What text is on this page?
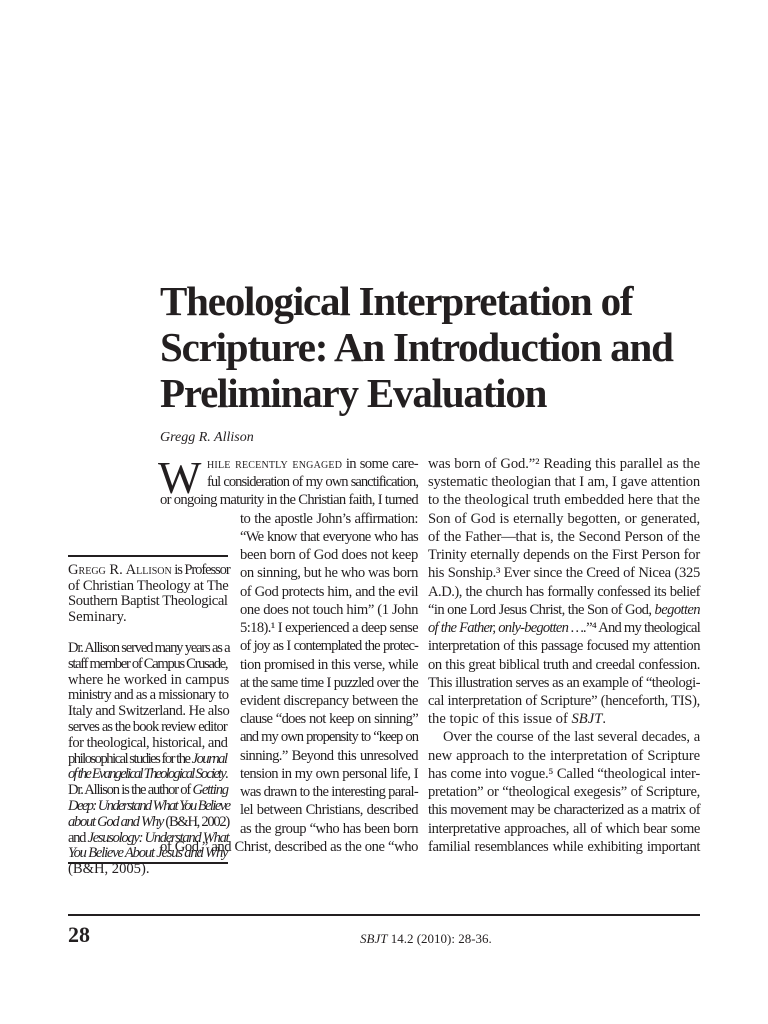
Theological Interpretation of
Scripture: An Introduction and
Preliminary Evaluation
Gregg R. Allison
W
28	SBJT 14.2 (2010): 28-36.
hile recently engaged in some care-
ful consideration of my own sanctification,
or ongoing maturity in the Christian faith, I turned
to the apostle John’s affirmation:
“We know that everyone who has
been born of God does not keep
on sinning, but he who was born
of God protects him, and the evil
one does not touch him” (1 John
5:18).¹ I experienced a deep sense
of joy as I contemplated the protec-
tion promised in this verse, while
at the same time I puzzled over the
evident discrepancy between the
clause “does not keep on sinning”
and my own propensity to “keep on
sinning.” Beyond this unresolved
tension in my own personal life, I
was drawn to the interesting paral-
lel between Christians, described
as the group “who has been born
of God,” and Christ, described as the one “who
was born of God.”² Reading this parallel as the
systematic theologian that I am, I gave attention
to the theological truth embedded here that the
Son of God is eternally begotten, or generated,
of the Father—that is, the Second Person of the
Trinity eternally depends on the First Person for
his Sonship.³ Ever since the Creed of Nicea (325
A.D.), the church has formally confessed its belief
“in one Lord Jesus Christ, the Son of God, begotten
of the Father, only-begotten ….”⁴ And my theological
interpretation of this passage focused my attention
on this great biblical truth and creedal confession.
This illustration serves as an example of “theologi-
cal interpretation of Scripture” (henceforth, TIS),
the topic of this issue of SBJT.
Over the course of the last several decades, a
new approach to the interpretation of Scripture
has come into vogue.⁵ Called “theological inter-
pretation” or “theological exegesis” of Scripture,
this movement may be characterized as a matrix of
interpretative approaches, all of which bear some
familial resemblances while exhibiting important
Gregg R. Allison is Professor
of Christian Theology at The
Southern Baptist Theological
Seminary.
Dr. Allison served many years as a
staff member of Campus Crusade,
where he worked in campus
ministry and as a missionary to
Italy and Switzerland. He also
serves as the book review editor
for theological, historical, and
philosophical studies for the Journal
of the Evangelical Theological Society.
Dr. Allison is the author of Getting
Deep: Understand What You Believe
about God and Why (B&H, 2002)
and Jesusology: Understand What
You Believe About Jesus and Why
(B&H, 2005).
